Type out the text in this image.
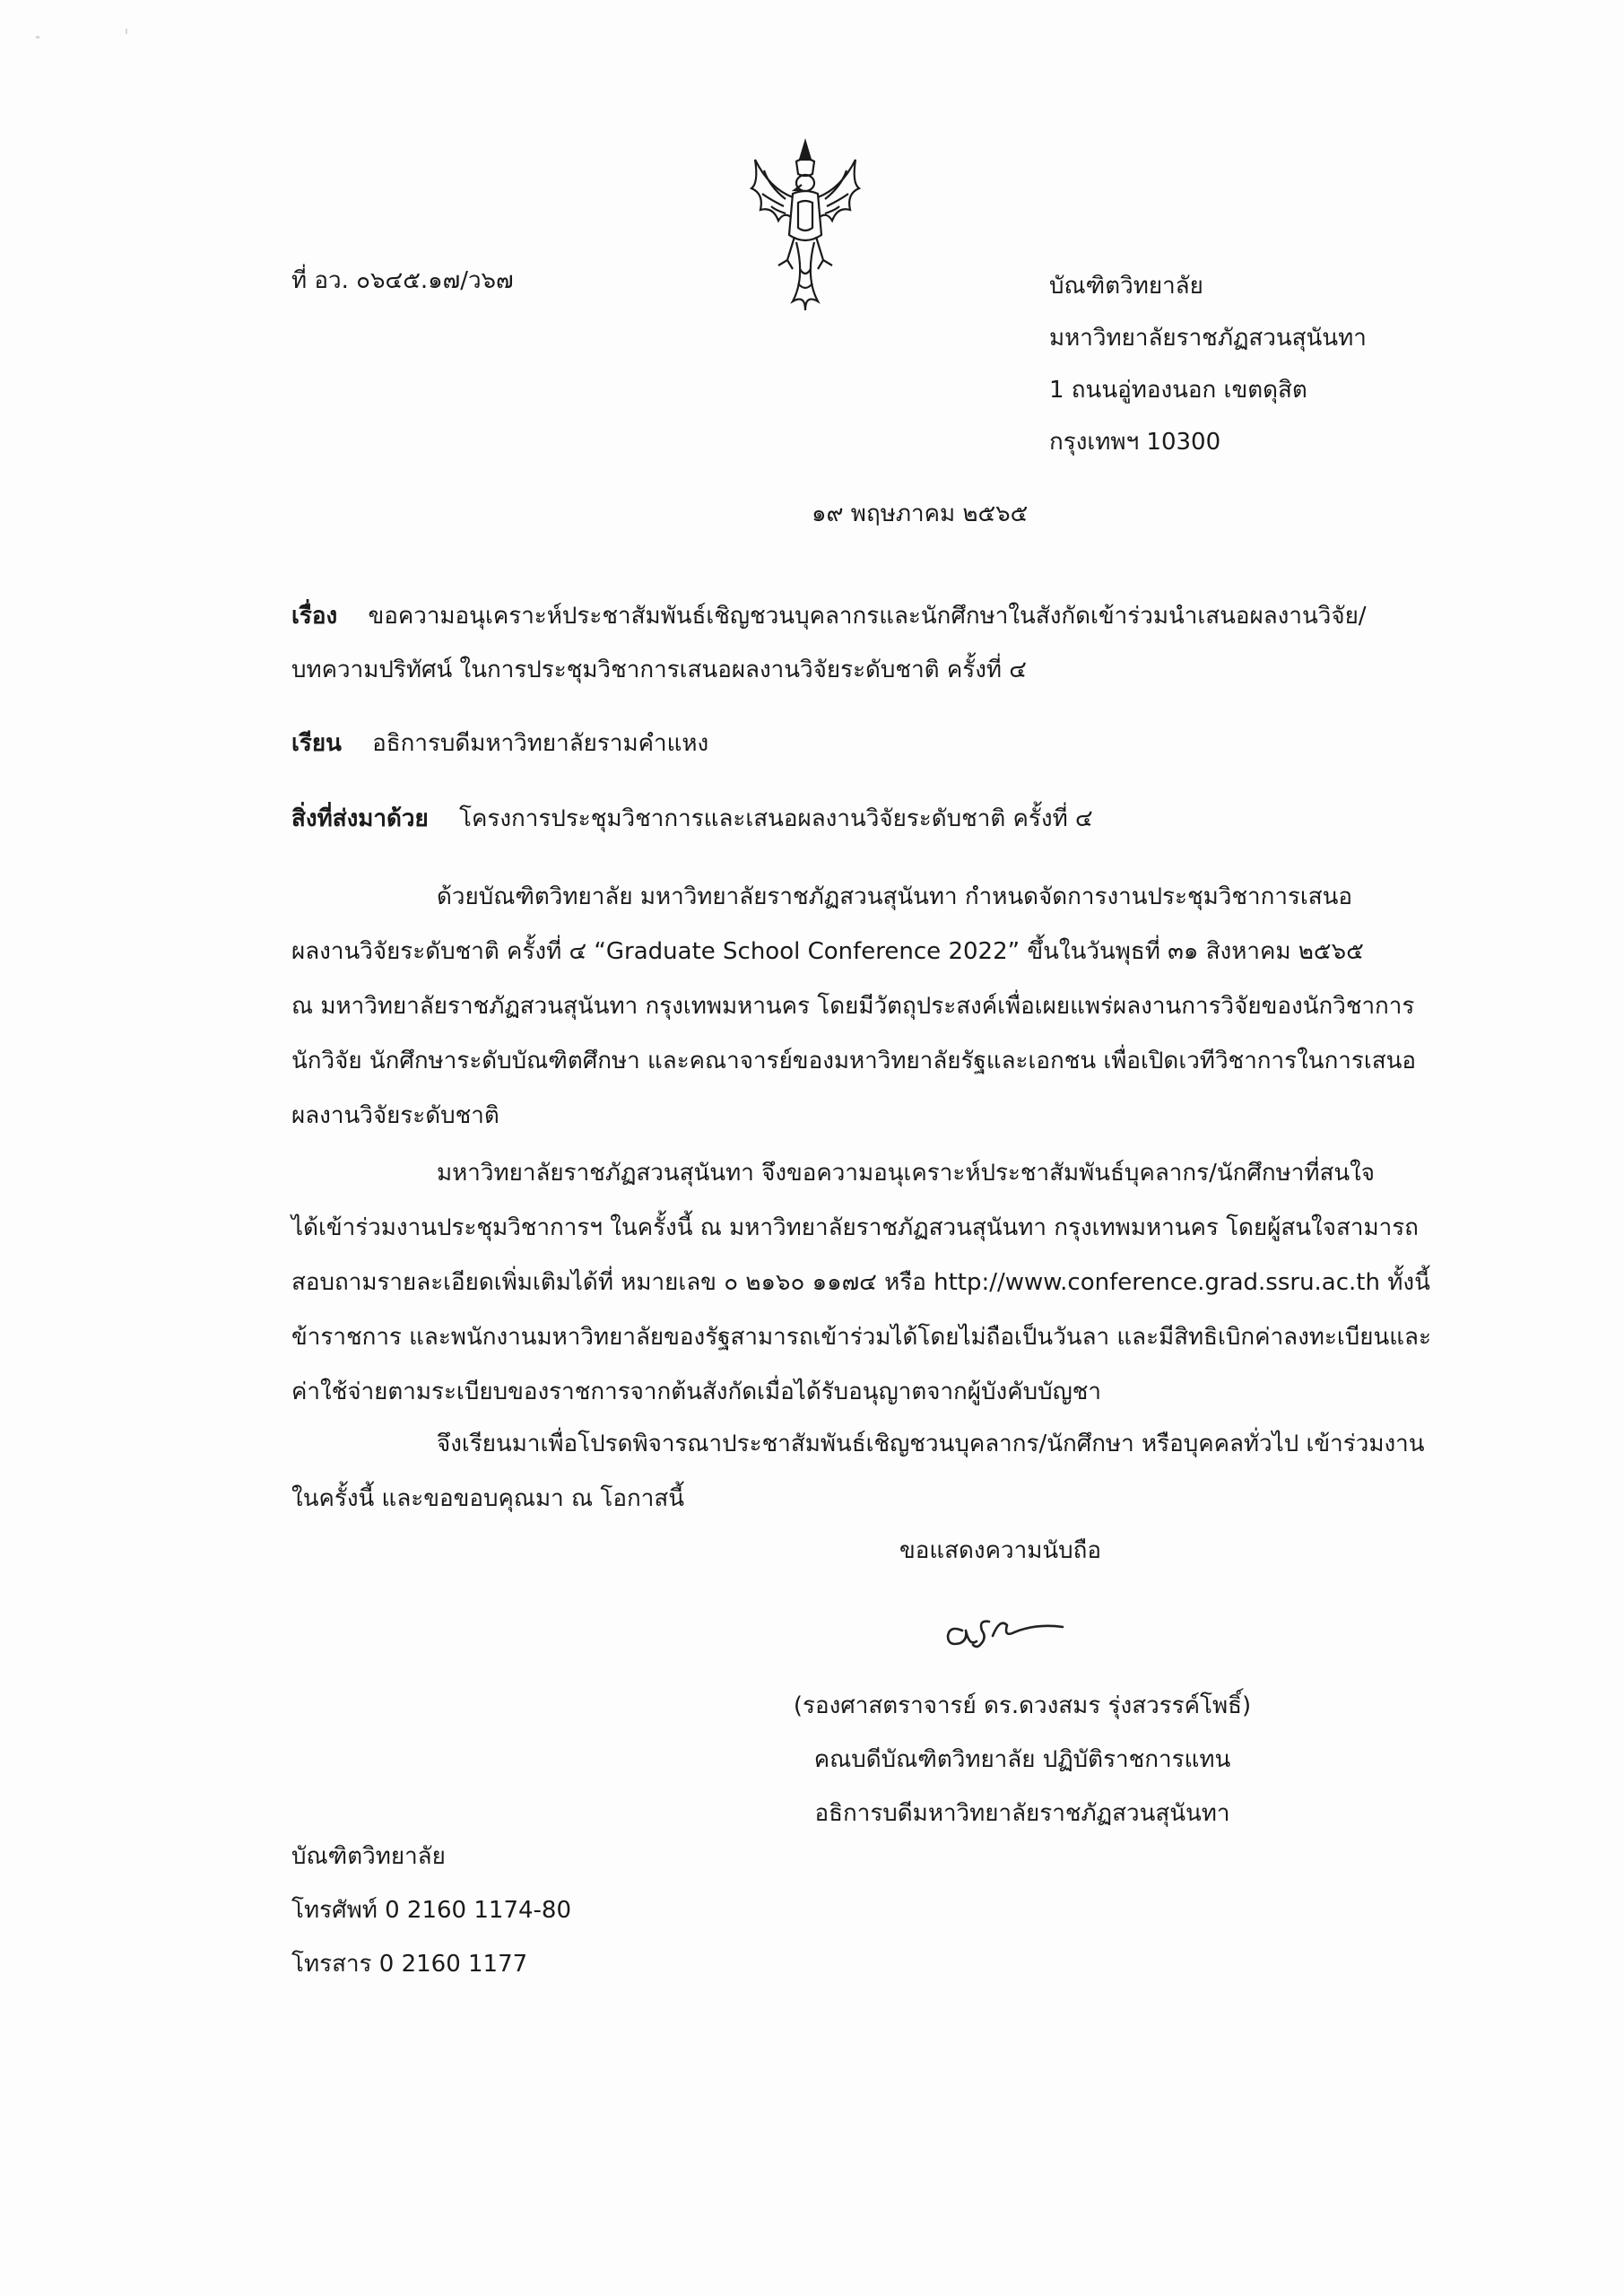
ที่ อว. ๐๖๔๕.๑๗/ว๖๗	บัณฑิตวิทยาลัย
มหาวิทยาลัยราชภัฏสวนสุนันทา
1 ถนนอู่ทองนอก เขตดุสิต
กรุงเทพฯ 10300
๑๙ พฤษภาคม ๒๕๖๕
เรื่อง ขอความอนุเคราะห์ประชาสัมพันธ์เชิญชวนบุคลากรและนักศึกษาในสังกัดเข้าร่วมนำเสนอผลงานวิจัย/
บทความปริทัศน์ ในการประชุมวิชาการเสนอผลงานวิจัยระดับชาติ ครั้งที่ ๔
เรียน อธิการบดีมหาวิทยาลัยรามคำแหง
สิ่งที่ส่งมาด้วย โครงการประชุมวิชาการและเสนอผลงานวิจัยระดับชาติ ครั้งที่ ๔
ด้วยบัณฑิตวิทยาลัย มหาวิทยาลัยราชภัฏสวนสุนันทา กำหนดจัดการงานประชุมวิชาการเสนอ
ผลงานวิจัยระดับชาติ ครั้งที่ ๔ “Graduate School Conference 2022” ขึ้นในวันพุธที่ ๓๑ สิงหาคม ๒๕๖๕
ณ มหาวิทยาลัยราชภัฏสวนสุนันทา กรุงเทพมหานคร โดยมีวัตถุประสงค์เพื่อเผยแพร่ผลงานการวิจัยของนักวิชาการ
นักวิจัย นักศึกษาระดับบัณฑิตศึกษา และคณาจารย์ของมหาวิทยาลัยรัฐและเอกชน เพื่อเปิดเวทีวิชาการในการเสนอ
ผลงานวิจัยระดับชาติ
มหาวิทยาลัยราชภัฏสวนสุนันทา จึงขอความอนุเคราะห์ประชาสัมพันธ์บุคลากร/นักศึกษาที่สนใจ
ได้เข้าร่วมงานประชุมวิชาการฯ ในครั้งนี้ ณ มหาวิทยาลัยราชภัฏสวนสุนันทา กรุงเทพมหานคร โดยผู้สนใจสามารถ
สอบถามรายละเอียดเพิ่มเติมได้ที่ หมายเลข ๐ ๒๑๖๐ ๑๑๗๔ หรือ http://www.conference.grad.ssru.ac.th ทั้งนี้
ข้าราชการ และพนักงานมหาวิทยาลัยของรัฐสามารถเข้าร่วมได้โดยไม่ถือเป็นวันลา และมีสิทธิเบิกค่าลงทะเบียนและ
ค่าใช้จ่ายตามระเบียบของราชการจากต้นสังกัดเมื่อได้รับอนุญาตจากผู้บังคับบัญชา
จึงเรียนมาเพื่อโปรดพิจารณาประชาสัมพันธ์เชิญชวนบุคลากร/นักศึกษา หรือบุคคลทั่วไป เข้าร่วมงาน
ในครั้งนี้ และขอขอบคุณมา ณ โอกาสนี้
ขอแสดงความนับถือ
(รองศาสตราจารย์ ดร.ดวงสมร รุ่งสวรรค์โพธิ์)
คณบดีบัณฑิตวิทยาลัย ปฏิบัติราชการแทน
อธิการบดีมหาวิทยาลัยราชภัฏสวนสุนันทา
บัณฑิตวิทยาลัย
โทรศัพท์ 0 2160 1174-80
โทรสาร 0 2160 1177
